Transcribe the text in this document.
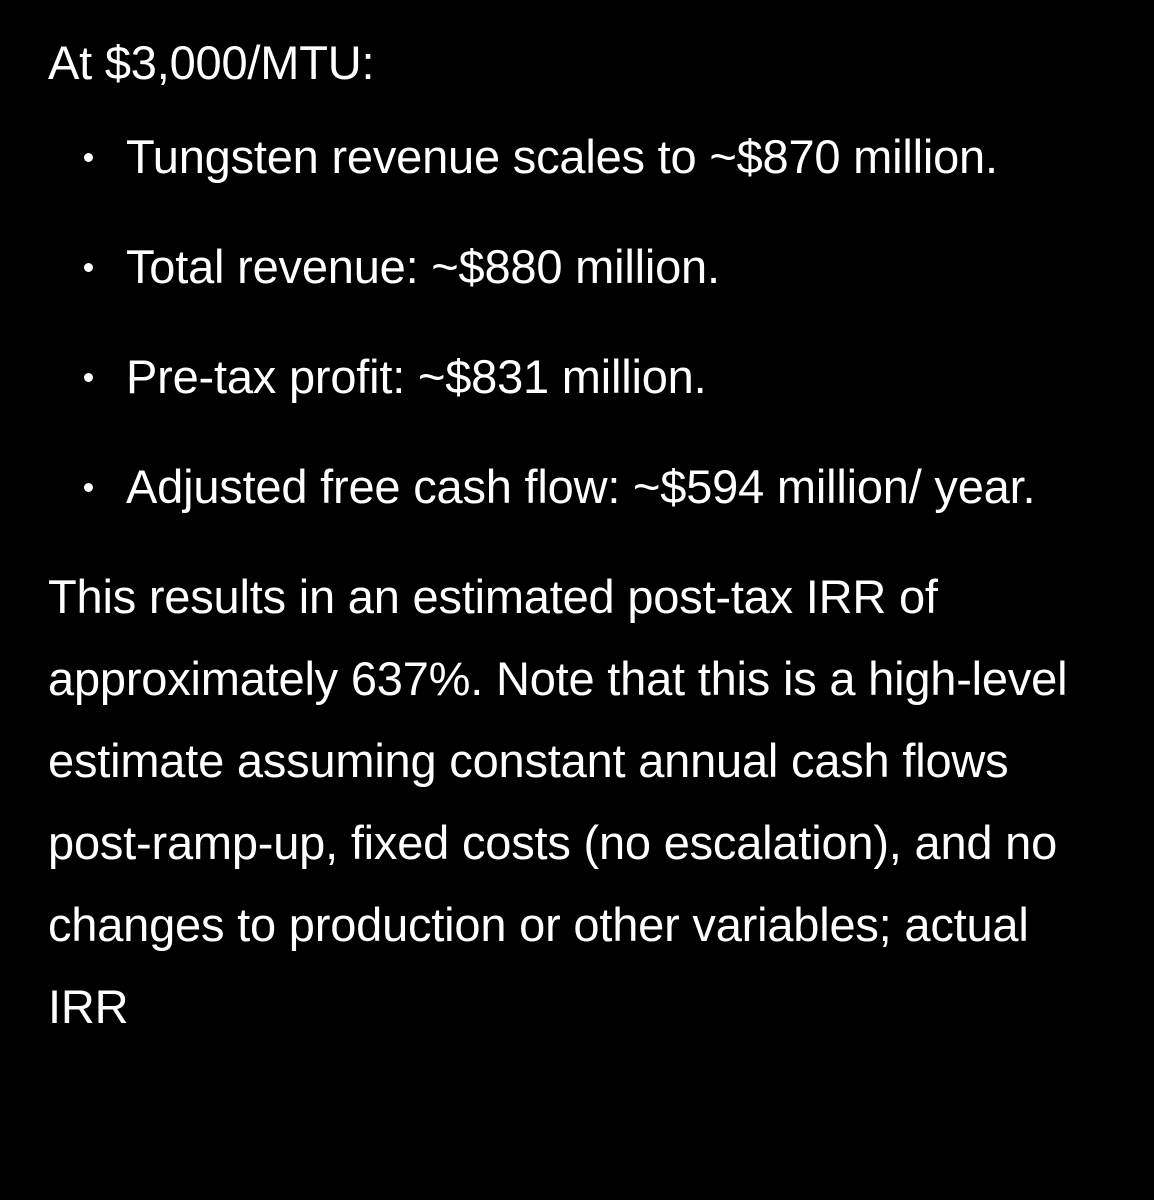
At $3,000/MTU:
Tungsten revenue scales to ~$870 million.
Total revenue: ~$880 million.
Pre-tax profit: ~$831 million.
Adjusted free cash flow: ~$594 million/ year.

This results in an estimated post-tax IRR of approximately 637%. Note that this is a high-level estimate assuming constant annual cash flows post-ramp-up, fixed costs (no escalation), and no changes to production or other variables; actual IRR
